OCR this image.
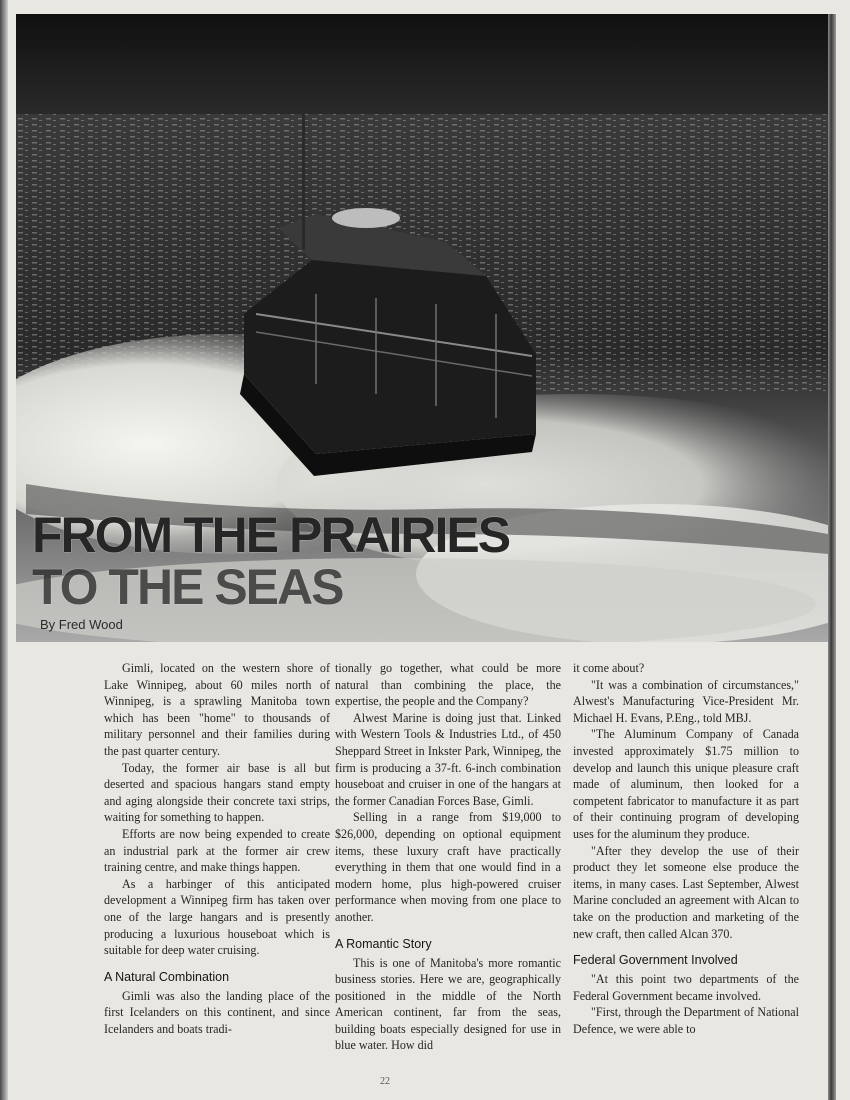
FROM THE PRAIRIES
TO THE SEAS
By Fred Wood

Gimli, located on the western shore of Lake Winnipeg, about 60 miles north of Winnipeg, is a sprawling Manitoba town which has been "home" to thousands of military personnel and their families during the past quarter century.

Today, the former air base is all but deserted and spacious hangars stand empty and aging alongside their concrete taxi strips, waiting for something to happen.

Efforts are now being expended to create an industrial park at the former air crew training centre, and make things happen.

As a harbinger of this anticipated development a Winnipeg firm has taken over one of the large hangars and is presently producing a luxurious houseboat which is suitable for deep water cruising.

A Natural Combination

Gimli was also the landing place of the first Icelanders on this continent, and since Icelanders and boats tradi-

tionally go together, what could be more natural than combining the place, the expertise, the people and the Company?

Alwest Marine is doing just that. Linked with Western Tools & Industries Ltd., of 450 Sheppard Street in Inkster Park, Winnipeg, the firm is producing a 37-ft. 6-inch combination houseboat and cruiser in one of the hangars at the former Canadian Forces Base, Gimli.

Selling in a range from $19,000 to $26,000, depending on optional equipment items, these luxury craft have practically everything in them that one would find in a modern home, plus high-powered cruiser performance when moving from one place to another.

A Romantic Story

This is one of Manitoba's more romantic business stories. Here we are, geographically positioned in the middle of the North American continent, far from the seas, building boats especially designed for use in blue water. How did

it come about?

"It was a combination of circumstances," Alwest's Manufacturing Vice-President Mr. Michael H. Evans, P.Eng., told MBJ.

"The Aluminum Company of Canada invested approximately $1.75 million to develop and launch this unique pleasure craft made of aluminum, then looked for a competent fabricator to manufacture it as part of their continuing program of developing uses for the aluminum they produce.

"After they develop the use of their product they let someone else produce the items, in many cases. Last September, Alwest Marine concluded an agreement with Alcan to take on the production and marketing of the new craft, then called Alcan 370.

Federal Government Involved

"At this point two departments of the Federal Government became involved.

"First, through the Department of National Defence, we were able to

22
